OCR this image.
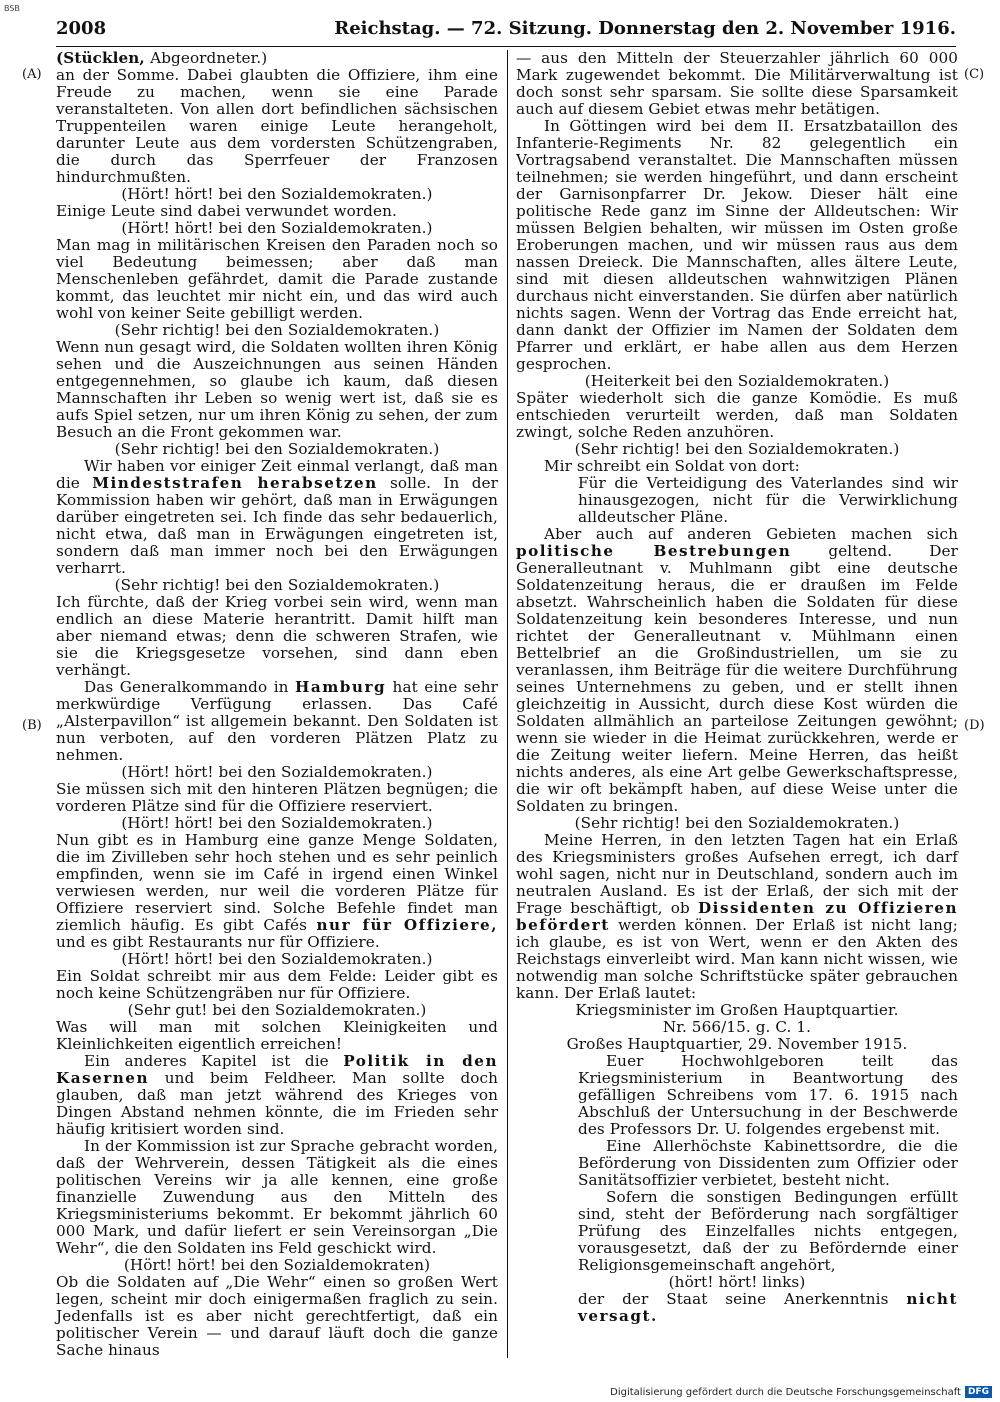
BSB
2008	Reichstag. — 72. Sitzung. Donnerstag den 2. November 1916.

(Stücklen, Abgeordneter.)

an der Somme. Dabei glaubten die Offiziere, ihm eine Freude zu machen, wenn sie eine Parade veranstalteten. Von allen dort befindlichen sächsischen Truppenteilen waren einige Leute herangeholt, darunter Leute aus dem vordersten Schützengraben, die durch das Sperrfeuer der Franzosen hindurchmußten.

(Hört! hört! bei den Sozialdemokraten.)

Einige Leute sind dabei verwundet worden.

(Hört! hört! bei den Sozialdemokraten.)

Man mag in militärischen Kreisen den Paraden noch so viel Bedeutung beimessen; aber daß man Menschenleben gefährdet, damit die Parade zustande kommt, das leuchtet mir nicht ein, und das wird auch wohl von keiner Seite gebilligt werden.

(Sehr richtig! bei den Sozialdemokraten.)

Wenn nun gesagt wird, die Soldaten wollten ihren König sehen und die Auszeichnungen aus seinen Händen entgegennehmen, so glaube ich kaum, daß diesen Mannschaften ihr Leben so wenig wert ist, daß sie es aufs Spiel setzen, nur um ihren König zu sehen, der zum Besuch an die Front gekommen war.

(Sehr richtig! bei den Sozialdemokraten.)

Wir haben vor einiger Zeit einmal verlangt, daß man die Mindeststrafen herabsetzen solle. In der Kommission haben wir gehört, daß man in Erwägungen darüber eingetreten sei. Ich finde das sehr bedauerlich, nicht etwa, daß man in Erwägungen eingetreten ist, sondern daß man immer noch bei den Erwägungen verharrt.

(Sehr richtig! bei den Sozialdemokraten.)

Ich fürchte, daß der Krieg vorbei sein wird, wenn man endlich an diese Materie herantritt. Damit hilft man aber niemand etwas; denn die schweren Strafen, wie sie die Kriegsgesetze vorsehen, sind dann eben verhängt.

Das Generalkommando in Hamburg hat eine sehr merkwürdige Verfügung erlassen. Das Café „Alsterpavillon“ ist allgemein bekannt. Den Soldaten ist nun verboten, auf den vorderen Plätzen Platz zu nehmen.

(Hört! hört! bei den Sozialdemokraten.)

Sie müssen sich mit den hinteren Plätzen begnügen; die vorderen Plätze sind für die Offiziere reserviert.

(Hört! hört! bei den Sozialdemokraten.)

Nun gibt es in Hamburg eine ganze Menge Soldaten, die im Zivilleben sehr hoch stehen und es sehr peinlich empfinden, wenn sie im Café in irgend einen Winkel verwiesen werden, nur weil die vorderen Plätze für Offiziere reserviert sind. Solche Befehle findet man ziemlich häufig. Es gibt Cafés nur für Offiziere, und es gibt Restaurants nur für Offiziere.

(Hört! hört! bei den Sozialdemokraten.)

Ein Soldat schreibt mir aus dem Felde: Leider gibt es noch keine Schützengräben nur für Offiziere.

(Sehr gut! bei den Sozialdemokraten.)

Was will man mit solchen Kleinigkeiten und Kleinlichkeiten eigentlich erreichen!

Ein anderes Kapitel ist die Politik in den Kasernen und beim Feldheer. Man sollte doch glauben, daß man jetzt während des Krieges von Dingen Abstand nehmen könnte, die im Frieden sehr häufig kritisiert worden sind.

In der Kommission ist zur Sprache gebracht worden, daß der Wehrverein, dessen Tätigkeit als die eines politischen Vereins wir ja alle kennen, eine große finanzielle Zuwendung aus den Mitteln des Kriegsministeriums bekommt. Er bekommt jährlich 60 000 Mark, und dafür liefert er sein Vereinsorgan „Die Wehr“, die den Soldaten ins Feld geschickt wird.

(Hört! hört! bei den Sozialdemokraten)

Ob die Soldaten auf „Die Wehr“ einen so großen Wert legen, scheint mir doch einigermaßen fraglich zu sein. Jedenfalls ist es aber nicht gerechtfertigt, daß ein politischer Verein — und darauf läuft doch die ganze Sache hinaus

— aus den Mitteln der Steuerzahler jährlich 60 000 Mark zugewendet bekommt. Die Militärverwaltung ist doch sonst sehr sparsam. Sie sollte diese Sparsamkeit auch auf diesem Gebiet etwas mehr betätigen.

In Göttingen wird bei dem II. Ersatzbataillon des Infanterie-Regiments Nr. 82 gelegentlich ein Vortragsabend veranstaltet. Die Mannschaften müssen teilnehmen; sie werden hingeführt, und dann erscheint der Garnisonpfarrer Dr. Jekow. Dieser hält eine politische Rede ganz im Sinne der Alldeutschen: Wir müssen Belgien behalten, wir müssen im Osten große Eroberungen machen, und wir müssen raus aus dem nassen Dreieck. Die Mannschaften, alles ältere Leute, sind mit diesen alldeutschen wahnwitzigen Plänen durchaus nicht einverstanden. Sie dürfen aber natürlich nichts sagen. Wenn der Vortrag das Ende erreicht hat, dann dankt der Offizier im Namen der Soldaten dem Pfarrer und erklärt, er habe allen aus dem Herzen gesprochen.

(Heiterkeit bei den Sozialdemokraten.)

Später wiederholt sich die ganze Komödie. Es muß entschieden verurteilt werden, daß man Soldaten zwingt, solche Reden anzuhören.

(Sehr richtig! bei den Sozialdemokraten.)

Mir schreibt ein Soldat von dort:

Für die Verteidigung des Vaterlandes sind wir hinausgezogen, nicht für die Verwirklichung alldeutscher Pläne.

Aber auch auf anderen Gebieten machen sich politische Bestrebungen geltend. Der Generalleutnant v. Muhlmann gibt eine deutsche Soldatenzeitung heraus, die er draußen im Felde absetzt. Wahrscheinlich haben die Soldaten für diese Soldatenzeitung kein besonderes Interesse, und nun richtet der Generalleutnant v. Mühlmann einen Bettelbrief an die Großindustriellen, um sie zu veranlassen, ihm Beiträge für die weitere Durchführung seines Unternehmens zu geben, und er stellt ihnen gleichzeitig in Aussicht, durch diese Kost würden die Soldaten allmählich an parteilose Zeitungen gewöhnt; wenn sie wieder in die Heimat zurückkehren, werde er die Zeitung weiter liefern. Meine Herren, das heißt nichts anderes, als eine Art gelbe Gewerkschaftspresse, die wir oft bekämpft haben, auf diese Weise unter die Soldaten zu bringen.

(Sehr richtig! bei den Sozialdemokraten.)

Meine Herren, in den letzten Tagen hat ein Erlaß des Kriegsministers großes Aufsehen erregt, ich darf wohl sagen, nicht nur in Deutschland, sondern auch im neutralen Ausland. Es ist der Erlaß, der sich mit der Frage beschäftigt, ob Dissidenten zu Offizieren befördert werden können. Der Erlaß ist nicht lang; ich glaube, es ist von Wert, wenn er den Akten des Reichstags einverleibt wird. Man kann nicht wissen, wie notwendig man solche Schriftstücke später gebrauchen kann. Der Erlaß lautet:

Kriegsminister im Großen Hauptquartier.

Nr. 566/15. g. C. 1.

Großes Hauptquartier, 29. November 1915.

Euer Hochwohlgeboren teilt das Kriegsministerium in Beantwortung des gefälligen Schreibens vom 17. 6. 1915 nach Abschluß der Untersuchung in der Beschwerde des Professors Dr. U. folgendes ergebenst mit.

Eine Allerhöchste Kabinettsordre, die die Beförderung von Dissidenten zum Offizier oder Sanitätsoffizier verbietet, besteht nicht.

Sofern die sonstigen Bedingungen erfüllt sind, steht der Beförderung nach sorgfältiger Prüfung des Einzelfalles nichts entgegen, vorausgesetzt, daß der zu Befördernde einer Religionsgemeinschaft angehört,

(hört! hört! links)

der der Staat seine Anerkenntnis nicht versagt.

(A)
(B)
(C)
(D)
Digitalisierung gefördert durch die Deutsche Forschungsgemeinschaft DFG
